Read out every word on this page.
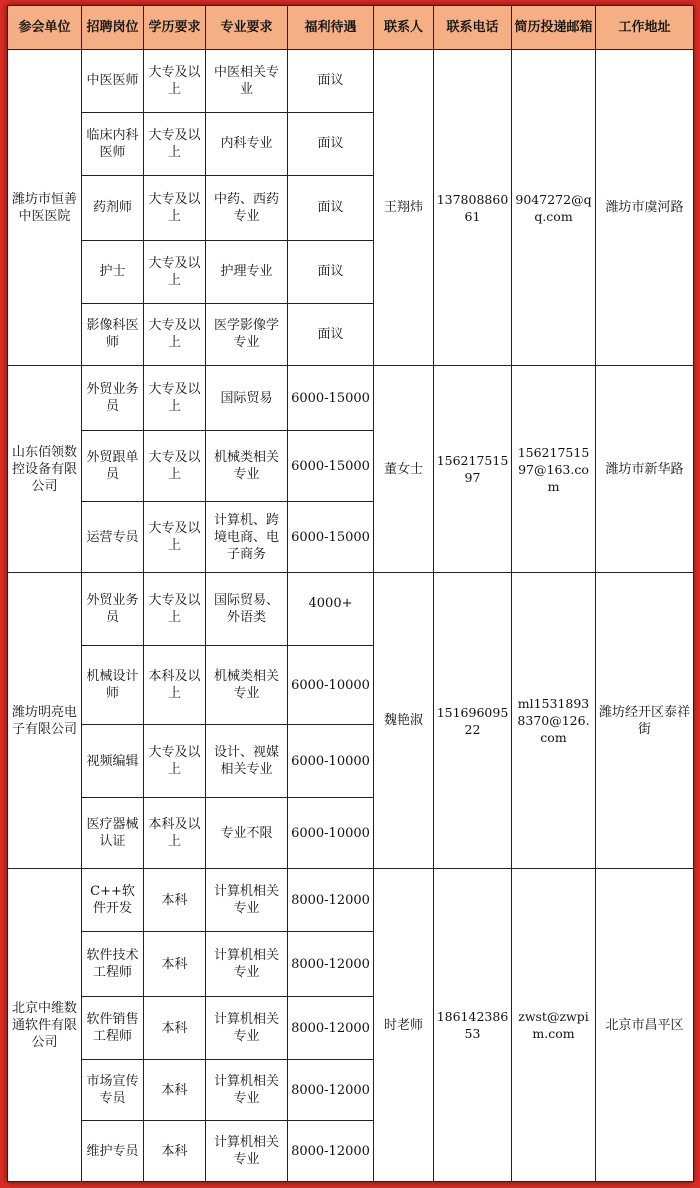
参会单位	招聘岗位	学历要求	专业要求	福利待遇	联系人	联系电话	简历投递邮箱	工作地址
潍坊市恒善中医医院	中医医师	大专及以上	中医相关专业	面议	王翔炜	13780886061	9047272@qq.com	潍坊市虞河路
	临床内科医师	大专及以上	内科专业	面议				
	药剂师	大专及以上	中药、西药专业	面议				
	护士	大专及以上	护理专业	面议				
	影像科医师	大专及以上	医学影像学专业	面议				
山东佰领数控设备有限公司	外贸业务员	大专及以上	国际贸易	6000-15000	董女士	15621751597	15621751597@163.com	潍坊市新华路
	外贸跟单员	大专及以上	机械类相关专业	6000-15000				
	运营专员	大专及以上	计算机、跨境电商、电子商务	6000-15000				
潍坊明亮电子有限公司	外贸业务员	大专及以上	国际贸易、外语类	4000+	魏艳淑	15169609522	ml15318938370@126.com	潍坊经开区泰祥街
	机械设计师	本科及以上	机械类相关专业	6000-10000				
	视频编辑	大专及以上	设计、视媒相关专业	6000-10000				
	医疗器械认证	本科及以上	专业不限	6000-10000				
北京中维数通软件有限公司	C++软件开发	本科	计算机相关专业	8000-12000	时老师	18614238653	zwst@zwpim.com	北京市昌平区
	软件技术工程师	本科	计算机相关专业	8000-12000				
	软件销售工程师	本科	计算机相关专业	8000-12000				
	市场宣传专员	本科	计算机相关专业	8000-12000				
	维护专员	本科	计算机相关专业	8000-12000				
